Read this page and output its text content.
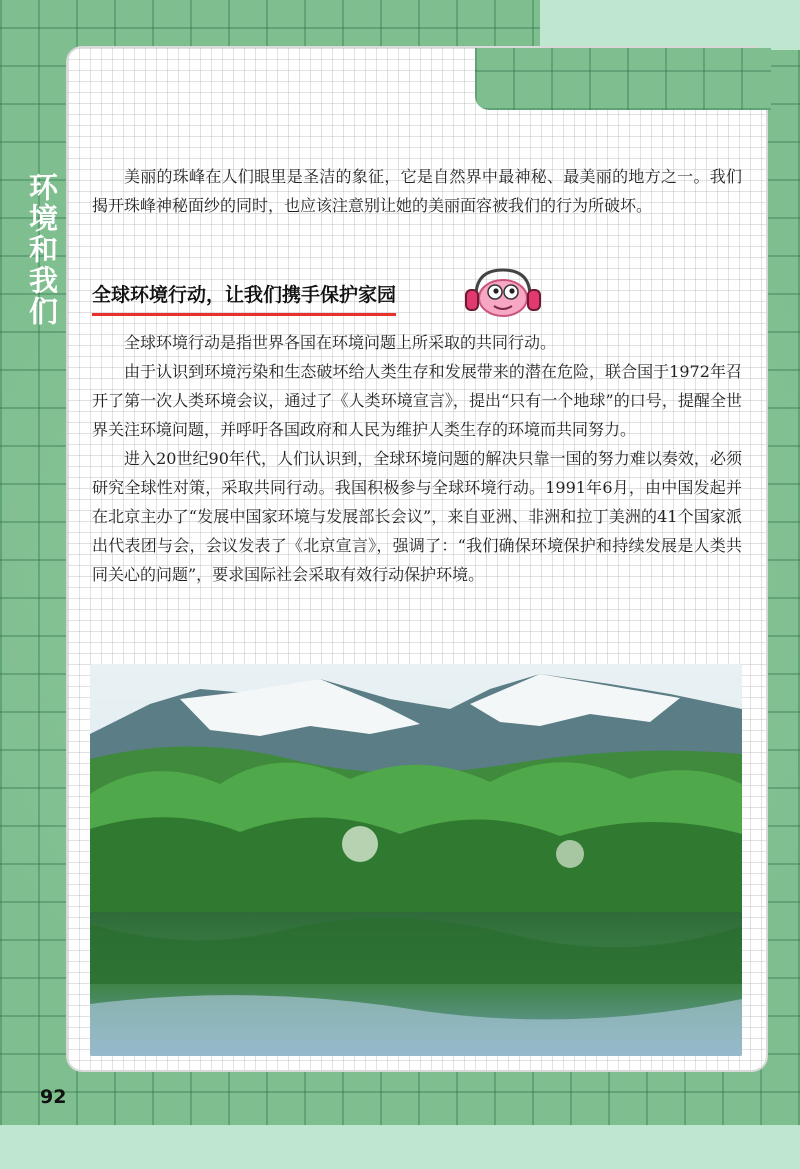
环境和我们	美丽的珠峰在人们眼里是圣洁的象征，它是自然界中最神秘、最美丽的地方之一。我们揭开珠峰神秘面纱的同时，也应该注意别让她的美丽面容被我们的行为所破坏。

全球环境行动，让我们携手保护家园

全球环境行动是指世界各国在环境问题上所采取的共同行动。

由于认识到环境污染和生态破坏给人类生存和发展带来的潜在危险，联合国于1972年召开了第一次人类环境会议，通过了《人类环境宣言》，提出“只有一个地球”的口号，提醒全世界关注环境问题，并呼吁各国政府和人民为维护人类生存的环境而共同努力。

进入20世纪90年代，人们认识到，全球环境问题的解决只靠一国的努力难以奏效，必须研究全球性对策，采取共同行动。我国积极参与全球环境行动。1991年6月，由中国发起并在北京主办了“发展中国家环境与发展部长会议”，来自亚洲、非洲和拉丁美洲的41个国家派出代表团与会，会议发表了《北京宣言》，强调了：“我们确保环境保护和持续发展是人类共同关心的问题”，要求国际社会采取有效行动保护环境。

92
